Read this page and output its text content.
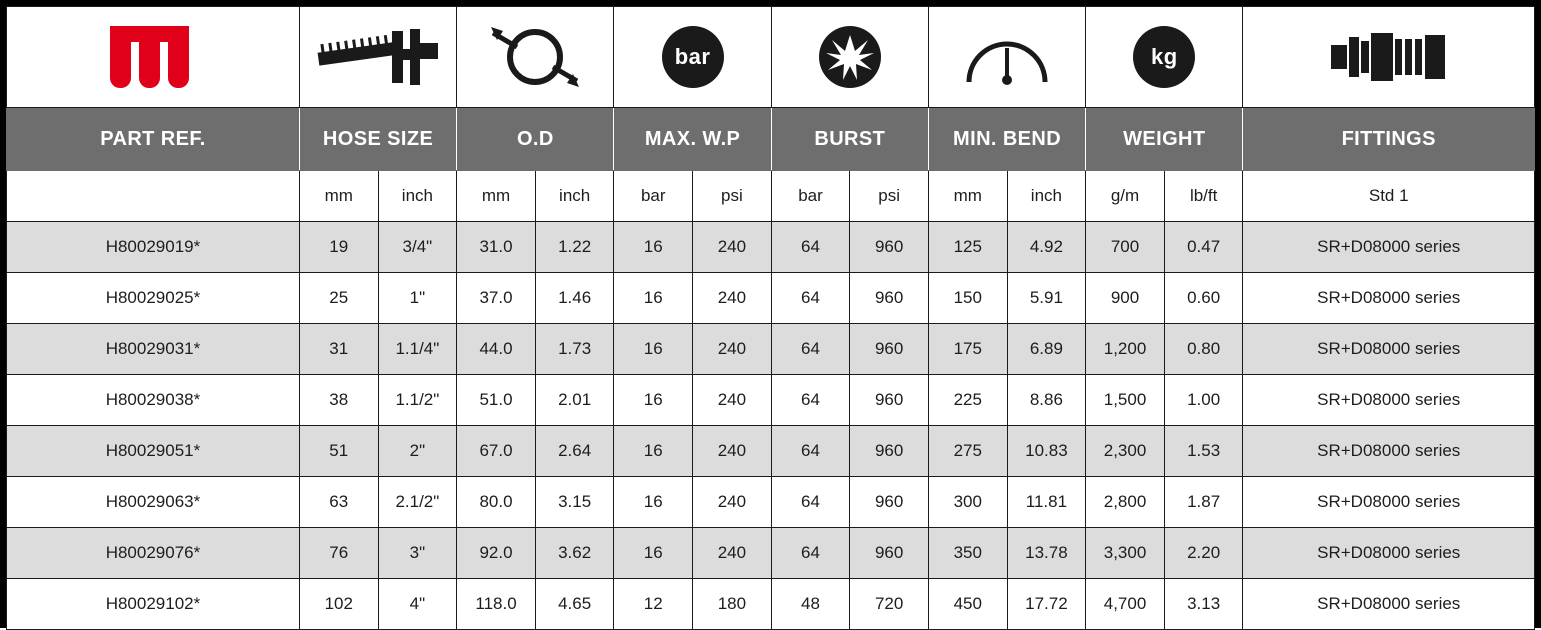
bar						kg

PART REF.	HOSE SIZE		O.D		MAX. W.P		BURST		MIN. BEND		WEIGHT		FITTINGS
	mm	inch	mm	inch	bar	psi	bar	psi	mm	inch	g/m	lb/ft	Std 1
H80029019*	19	3/4"	31.0	1.22	16	240	64	960	125	4.92	700	0.47	SR+D08000 series
H80029025*	25	1"	37.0	1.46	16	240	64	960	150	5.91	900	0.60	SR+D08000 series
H80029031*	31	1.1/4"	44.0	1.73	16	240	64	960	175	6.89	1,200	0.80	SR+D08000 series
H80029038*	38	1.1/2"	51.0	2.01	16	240	64	960	225	8.86	1,500	1.00	SR+D08000 series
H80029051*	51	2"	67.0	2.64	16	240	64	960	275	10.83	2,300	1.53	SR+D08000 series
H80029063*	63	2.1/2"	80.0	3.15	16	240	64	960	300	11.81	2,800	1.87	SR+D08000 series
H80029076*	76	3"	92.0	3.62	16	240	64	960	350	13.78	3,300	2.20	SR+D08000 series
H80029102*	102	4"	118.0	4.65	12	180	48	720	450	17.72	4,700	3.13	SR+D08000 series
